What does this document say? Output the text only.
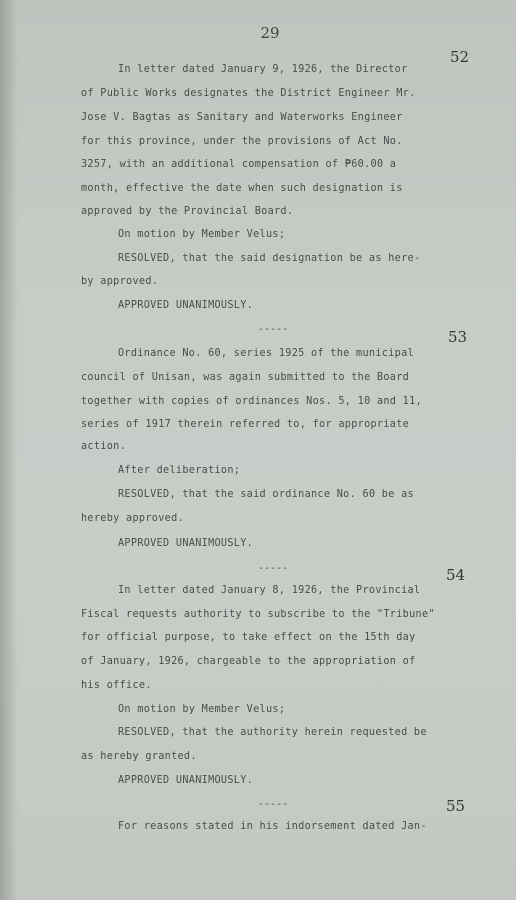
29
52
In letter dated January 9, 1926, the Director
of Public Works designates the District Engineer Mr.
Jose V. Bagtas as Sanitary and Waterworks Engineer
for this province, under the provisions of Act No.
3257, with an additional compensation of ₱60.00 a
month, effective the date when such designation is
approved by the Provincial Board.
On motion by Member Velus;
RESOLVED, that the said designation be as here-
by approved.
APPROVED UNANIMOUSLY.
-----	53
Ordinance No. 60, series 1925 of the municipal
council of Unisan, was again submitted to the Board
together with copies of ordinances Nos. 5, 10 and 11,
series of 1917 therein referred to, for appropriate
action.
After deliberation;
RESOLVED, that the said ordinance No. 60 be as
hereby approved.
APPROVED UNANIMOUSLY.
-----	54
In letter dated January 8, 1926, the Provincial
Fiscal requests authority to subscribe to the "Tribune"
for official purpose, to take effect on the 15th day
of January, 1926, chargeable to the appropriation of
his office.
On motion by Member Velus;
RESOLVED, that the authority herein requested be
as hereby granted.
APPROVED UNANIMOUSLY.
-----	55
For reasons stated in his indorsement dated Jan-
